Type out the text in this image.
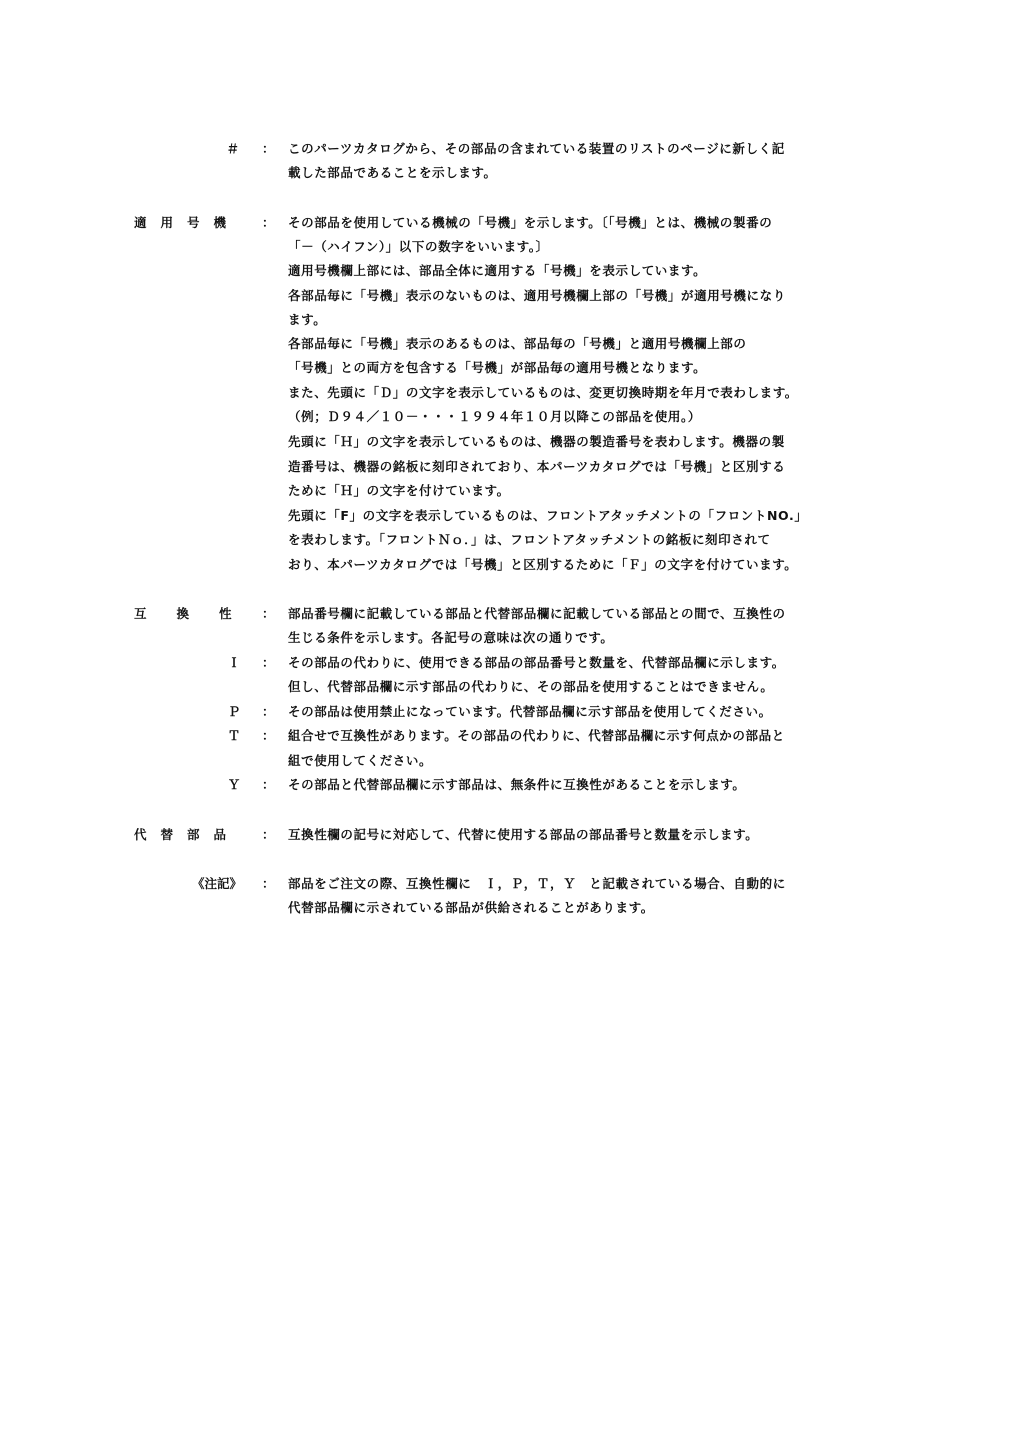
＃ ： このパーツカタログから、その部品の含まれている装置のリストのページに新しく記
載した部品であることを示します。
適用号機	： その部品を使用している機械の「号機」を示します。〔「号機」とは、機械の製番の
「－（ハイフン）」以下の数字をいいます。〕
適用号機欄上部には、部品全体に適用する「号機」を表示しています。
各部品毎に「号機」表示のないものは、適用号機欄上部の「号機」が適用号機になり
ます。
各部品毎に「号機」表示のあるものは、部品毎の「号機」と適用号機欄上部の
「号機」との両方を包含する「号機」が部品毎の適用号機となります。
また、先頭に「Ｄ」の文字を表示しているものは、変更切換時期を年月で表わします。
（例；Ｄ９４／１０－・・・１９９４年１０月以降この部品を使用。）
先頭に「Ｈ」の文字を表示しているものは、機器の製造番号を表わします。機器の製
造番号は、機器の銘板に刻印されており、本パーツカタログでは「号機」と区別する
ために「Ｈ」の文字を付けています。
先頭に「F」の文字を表示しているものは、フロントアタッチメントの「フロントNO.」
を表わします。「フロントＮｏ．」は、フロントアタッチメントの銘板に刻印されて
おり、本パーツカタログでは「号機」と区別するために「Ｆ」の文字を付けています。
互換性 ： 部品番号欄に記載している部品と代替部品欄に記載している部品との間で、互換性の
生じる条件を示します。各記号の意味は次の通りです。
Ｉ	： その部品の代わりに、使用できる部品の部品番号と数量を、代替部品欄に示します。
但し、代替部品欄に示す部品の代わりに、その部品を使用することはできません。
Ｐ	： その部品は使用禁止になっています。代替部品欄に示す部品を使用してください。
Ｔ	： 組合せで互換性があります。その部品の代わりに、代替部品欄に示す何点かの部品と
組で使用してください。
Ｙ	： その部品と代替部品欄に示す部品は、無条件に互換性があることを示します。
代替部品	： 互換性欄の記号に対応して、代替に使用する部品の部品番号と数量を示します。
《注記》 ： 部品をご注文の際、互換性欄に　Ｉ，Ｐ，Ｔ，Ｙ　と記載されている場合、自動的に
代替部品欄に示されている部品が供給されることがあります。
